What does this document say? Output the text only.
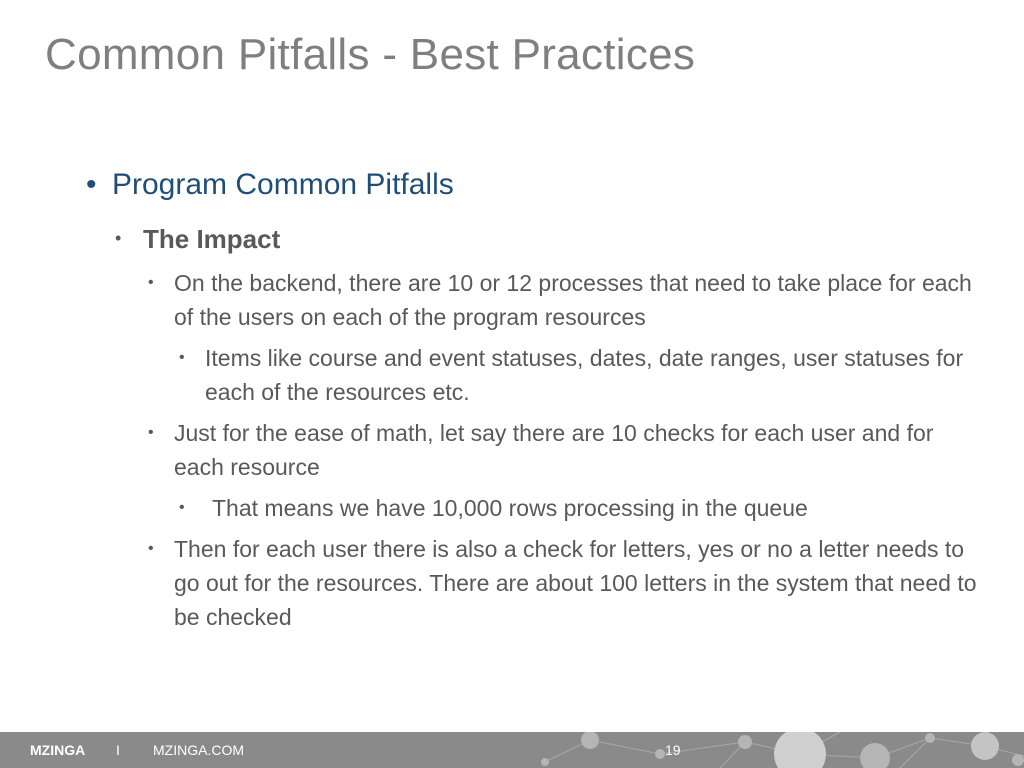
Common Pitfalls - Best Practices
• Program Common Pitfalls
• The Impact
• On the backend, there are 10 or 12 processes that need to take place for each of the users on each of the program resources
• Items like course and event statuses, dates, date ranges, user statuses for each of the resources etc.
• Just for the ease of math, let say there are 10 checks for each user and for each resource
• That means we have 10,000 rows processing in the queue
• Then for each user there is also a check for letters, yes or no a letter needs to go out for the resources. There are about 100 letters in the system that need to be checked
MZINGA I MZINGA.COM	19
